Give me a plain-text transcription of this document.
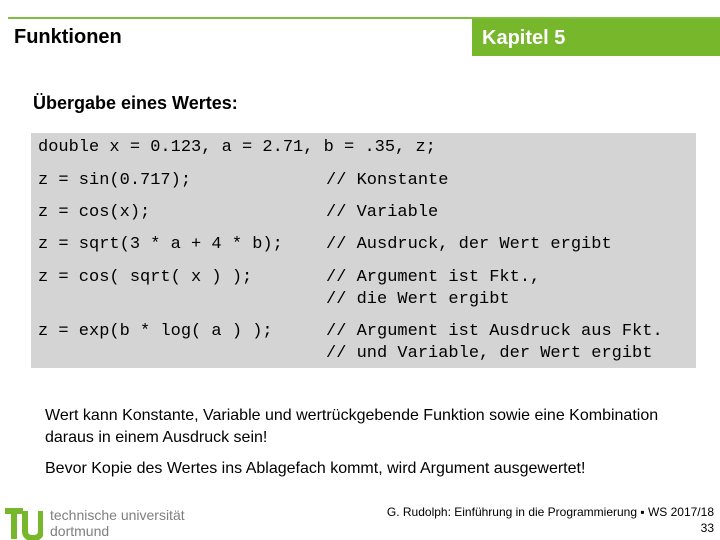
Funktionen	Kapitel 5
Übergabe eines Wertes:
double x = 0.123, a = 2.71, b = .35, z;
z = sin(0.717);	// Konstante
z = cos(x);	// Variable
z = sqrt(3 * a + 4 * b);	// Ausdruck, der Wert ergibt
z = cos( sqrt( x ) );	// Argument ist Fkt.,
// die Wert ergibt
z = exp(b * log( a ) );	// Argument ist Ausdruck aus Fkt.
// und Variable, der Wert ergibt
Wert kann Konstante, Variable und wertrückgebende Funktion sowie eine Kombination daraus in einem Ausdruck sein!
Bevor Kopie des Wertes ins Ablagefach kommt, wird Argument ausgewertet!
technische universität
dortmund
G. Rudolph: Einführung in die Programmierung ▪ WS 2017/18
33
